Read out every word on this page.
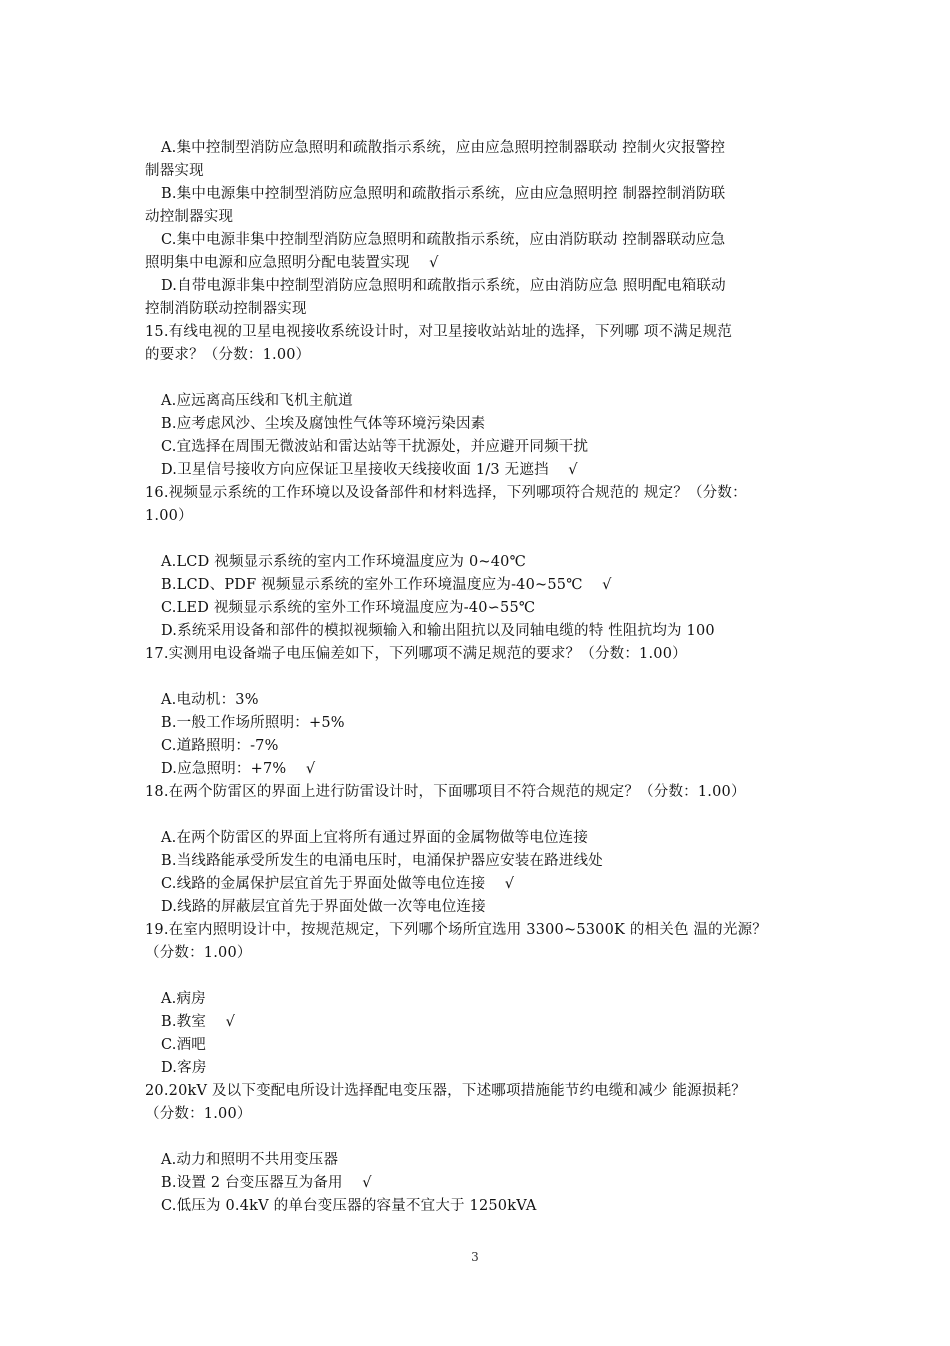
A.集中控制型消防应急照明和疏散指示系统，应由应急照明控制器联动 控制火灾报警控
制器实现
B.集中电源集中控制型消防应急照明和疏散指示系统，应由应急照明控 制器控制消防联
动控制器实现
C.集中电源非集中控制型消防应急照明和疏散指示系统，应由消防联动 控制器联动应急
照明集中电源和应急照明分配电装置实现　 √
D.自带电源非集中控制型消防应急照明和疏散指示系统，应由消防应急 照明配电箱联动
控制消防联动控制器实现
15.有线电视的卫星电视接收系统设计时，对卫星接收站站址的选择，下列哪 项不满足规范
的要求？（分数：1.00）
A.应远离高压线和飞机主航道
B.应考虑风沙、尘埃及腐蚀性气体等环境污染因素
C.宜选择在周围无微波站和雷达站等干扰源处，并应避开同频干扰
D.卫星信号接收方向应保证卫星接收天线接收面 1/3 无遮挡　 √
16.视频显示系统的工作环境以及设备部件和材料选择，下列哪项符合规范的 规定？（分数：
1.00）
A.LCD 视频显示系统的室内工作环境温度应为 0~40℃
B.LCD、PDF 视频显示系统的室外工作环境温度应为-40~55℃　 √
C.LED 视频显示系统的室外工作环境温度应为-40∽55℃
D.系统采用设备和部件的模拟视频输入和输出阻抗以及同轴电缆的特 性阻抗均为 100
17.实测用电设备端子电压偏差如下，下列哪项不满足规范的要求？（分数：1.00）
A.电动机：3%
B.一般工作场所照明：+5%
C.道路照明：-7%
D.应急照明：+7%　 √
18.在两个防雷区的界面上进行防雷设计时，下面哪项目不符合规范的规定？（分数：1.00）
A.在两个防雷区的界面上宜将所有通过界面的金属物做等电位连接
B.当线路能承受所发生的电涌电压时，电涌保护器应安装在路进线处
C.线路的金属保护层宜首先于界面处做等电位连接　 √
D.线路的屏蔽层宜首先于界面处做一次等电位连接
19.在室内照明设计中，按规范规定，下列哪个场所宜选用 3300~5300K 的相关色 温的光源？
（分数：1.00）
A.病房
B.教室　 √
C.酒吧
D.客房
20.20kV 及以下变配电所设计选择配电变压器，下述哪项措施能节约电缆和减少 能源损耗？
（分数：1.00）
A.动力和照明不共用变压器
B.设置 2 台变压器互为备用　 √
C.低压为 0.4kV 的单台变压器的容量不宜大于 1250kVA
3
